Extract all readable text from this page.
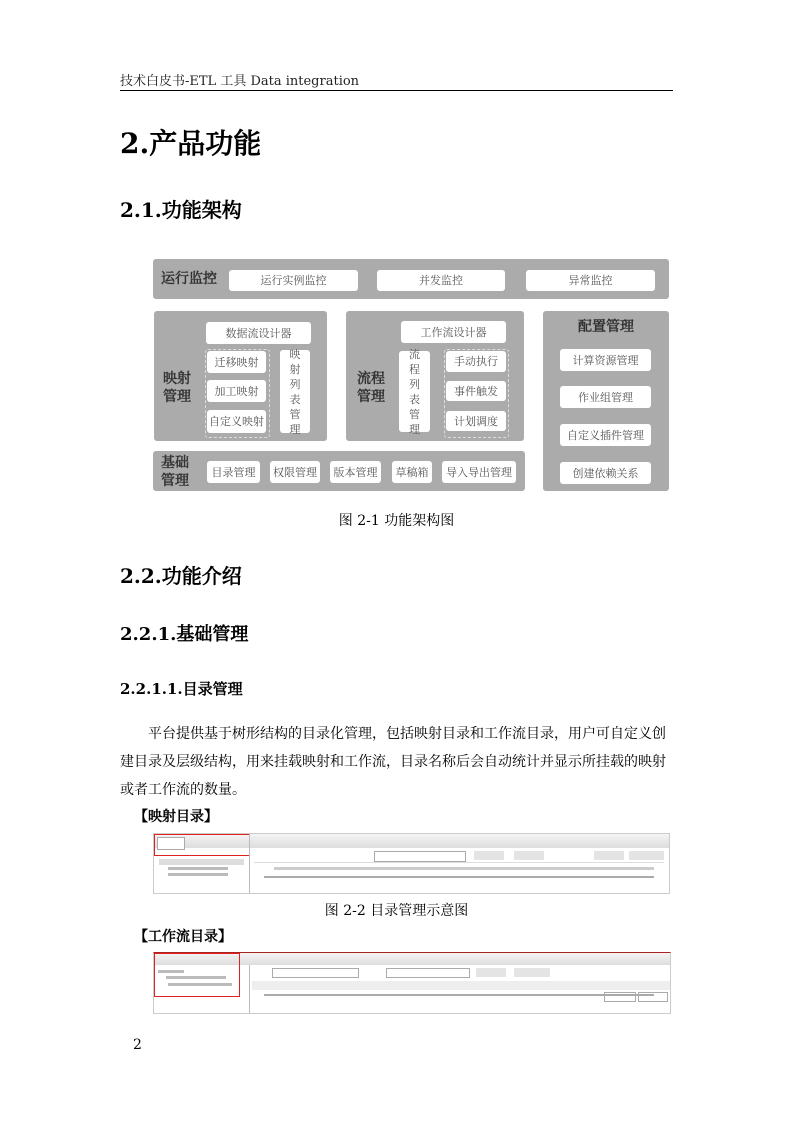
技术白皮书-ETL 工具 Data integration
2.产品功能
2.1.功能架构
运行监控	运行实例监控	并发监控	异常监控
映射管理
数据流设计器
迁移映射
加工映射
自定义映射
映射列表管理
流程管理
工作流设计器
流程列表管理
手动执行
事件触发
计划调度
配置管理
计算资源管理
作业组管理
自定义插件管理
创建依赖关系
基础管理
目录管理	权限管理	版本管理	草稿箱	导入导出管理
图 2-1 功能架构图
2.2.功能介绍
2.2.1.基础管理
2.2.1.1.目录管理
平台提供基于树形结构的目录化管理，包括映射目录和工作流目录，用户可自定义创建目录及层级结构，用来挂载映射和工作流，目录名称后会自动统计并显示所挂载的映射或者工作流的数量。
【映射目录】
图 2-2 目录管理示意图
【工作流目录】
2
